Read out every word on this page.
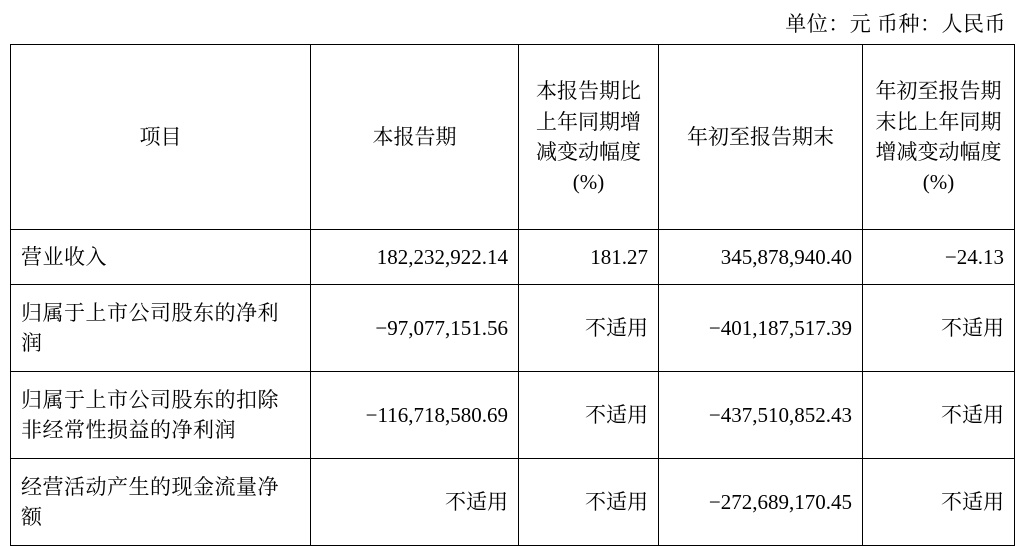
单位：元 币种：人民币
项目	本报告期	本报告期比上年同期增减变动幅度(%)	年初至报告期末	年初至报告期末比上年同期增减变动幅度(%)
营业收入	182,232,922.14	181.27	345,878,940.40	−24.13
归属于上市公司股东的净利润	−97,077,151.56	不适用	−401,187,517.39	不适用
归属于上市公司股东的扣除非经常性损益的净利润	−116,718,580.69	不适用	−437,510,852.43	不适用
经营活动产生的现金流量净额	不适用	不适用	−272,689,170.45	不适用
